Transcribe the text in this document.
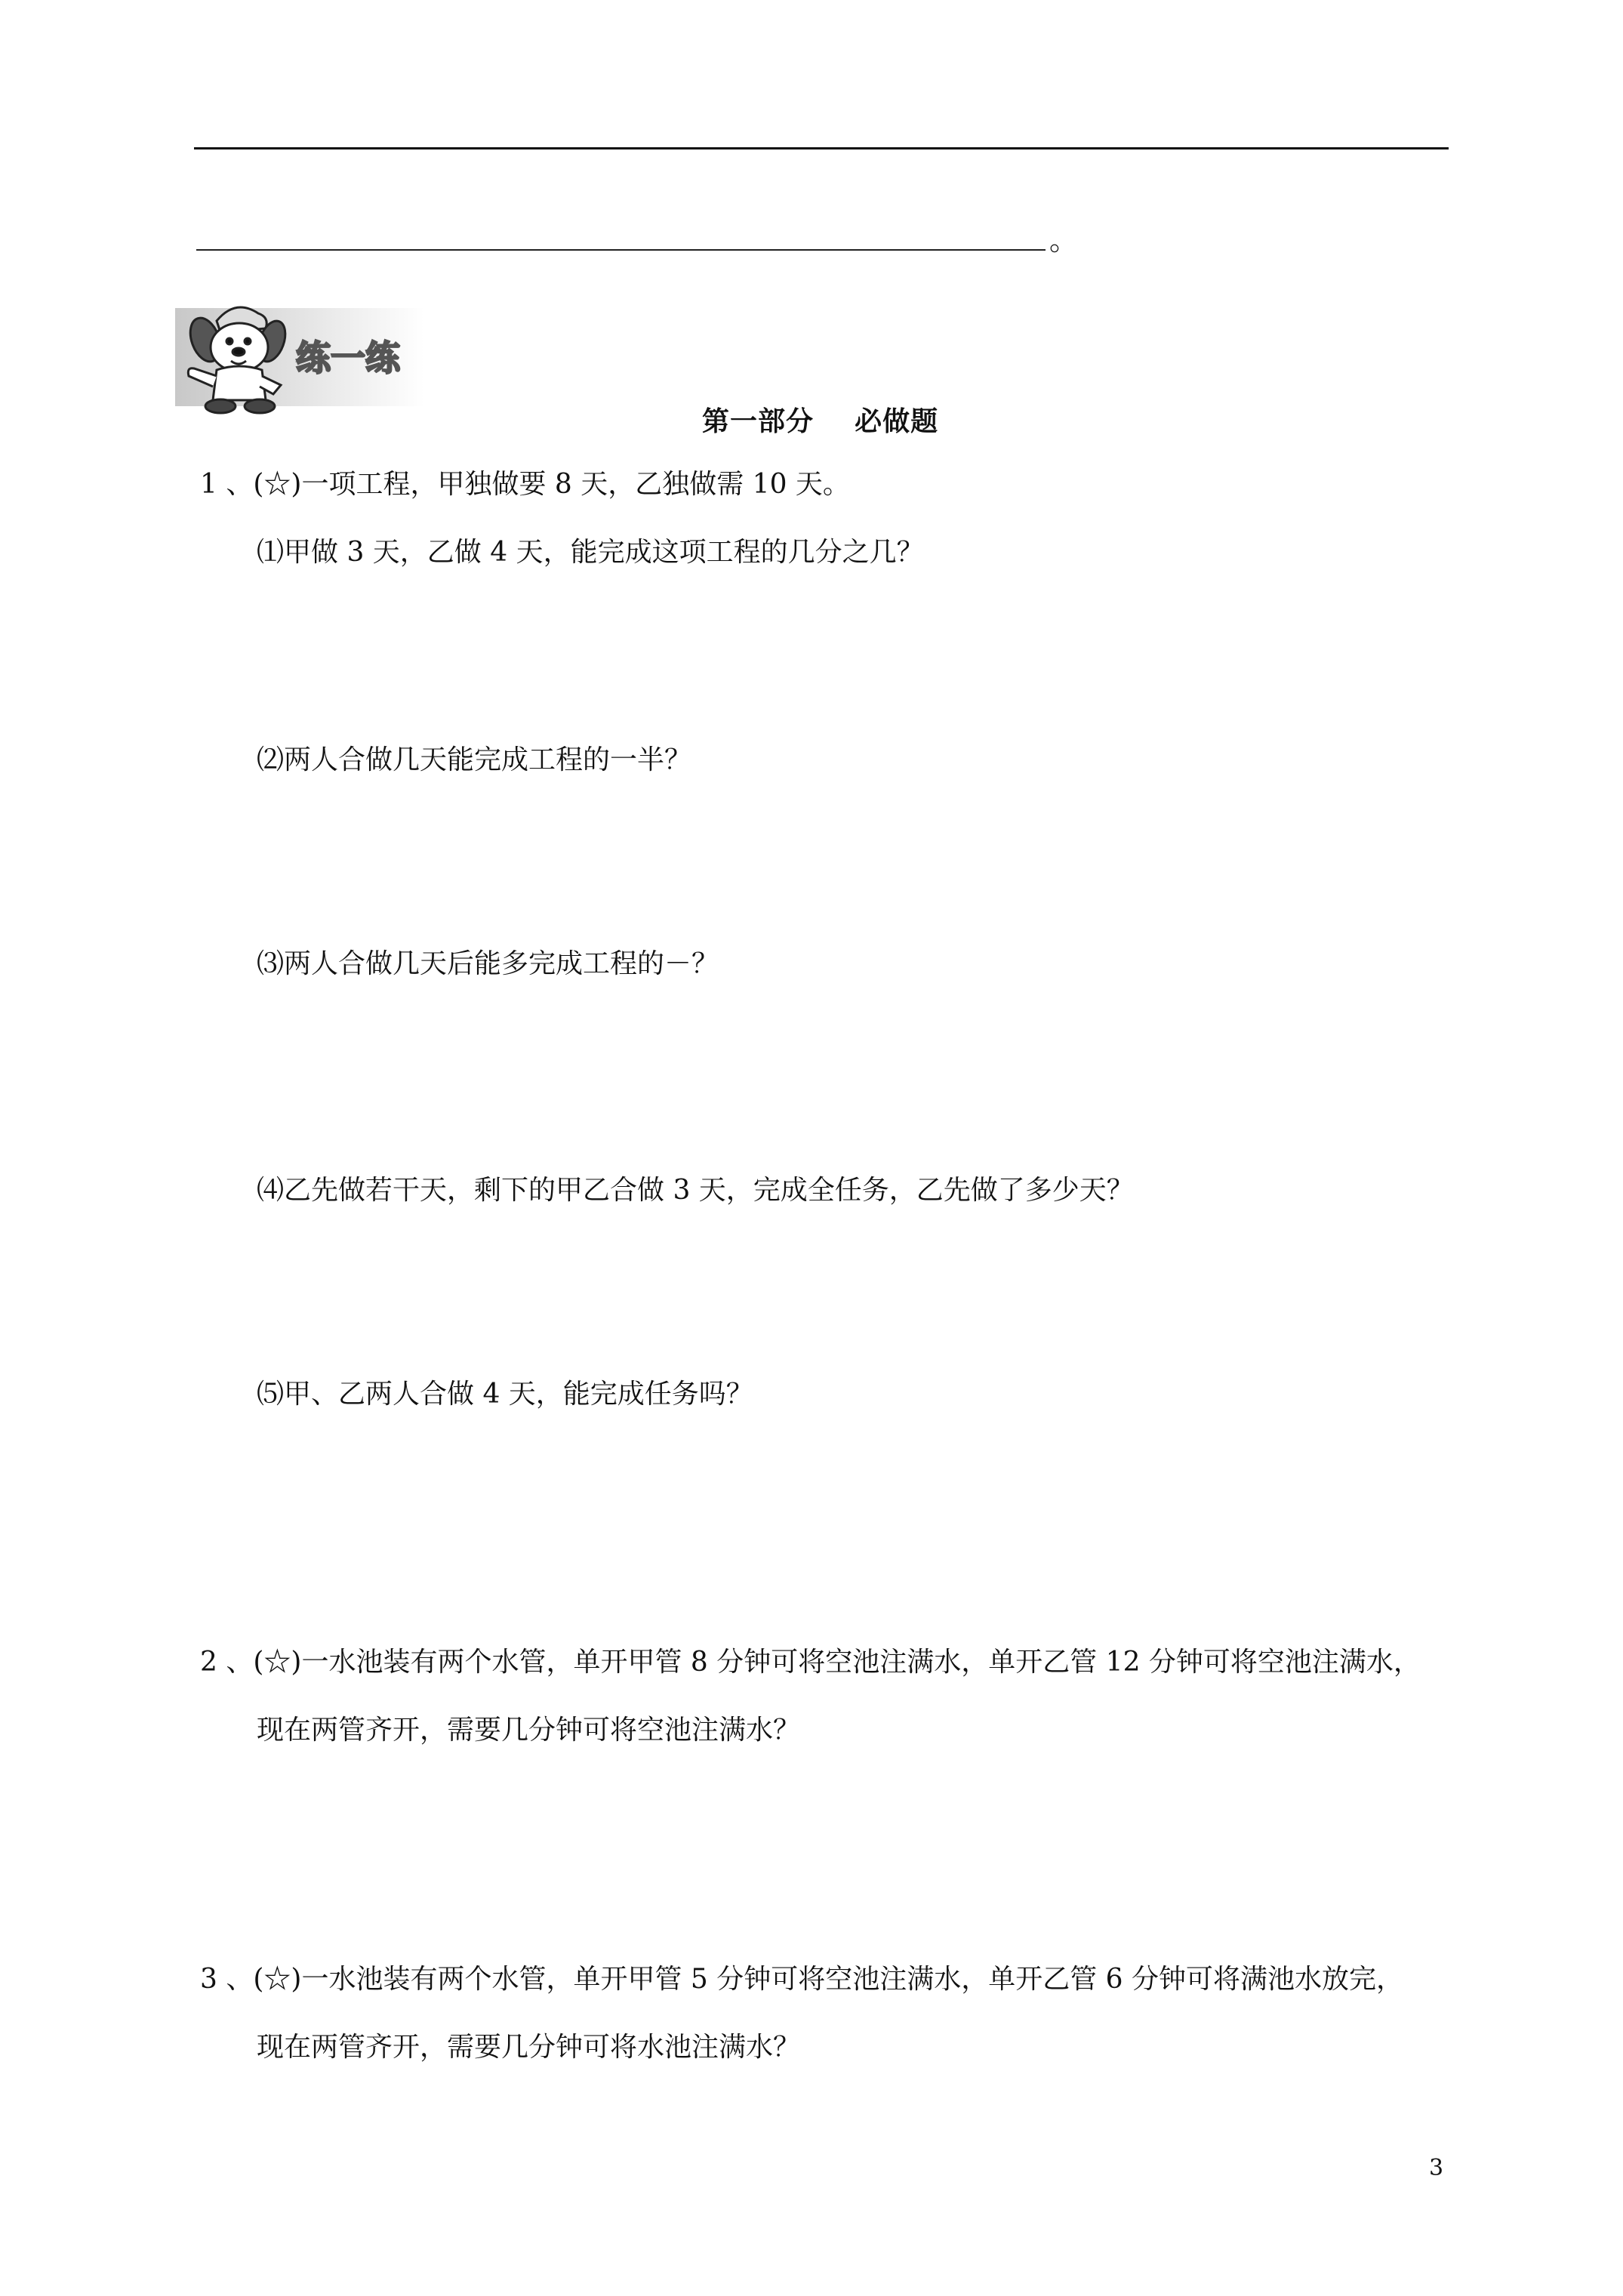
。
练一练
第一部分    必做题
1 、(☆)一项工程，甲独做要 8 天，乙独做需 10 天。
⑴甲做 3 天，乙做 4 天，能完成这项工程的几分之几？
⑵两人合做几天能完成工程的一半？
⑶两人合做几天后能多完成工程的－？
⑷乙先做若干天，剩下的甲乙合做 3 天，完成全任务，乙先做了多少天？
⑸甲、乙两人合做 4 天，能完成任务吗？
2 、(☆)一水池装有两个水管，单开甲管 8 分钟可将空池注满水，单开乙管 12 分钟可将空池注满水，
现在两管齐开，需要几分钟可将空池注满水？
3 、(☆)一水池装有两个水管，单开甲管 5 分钟可将空池注满水，单开乙管 6 分钟可将满池水放完，
现在两管齐开，需要几分钟可将水池注满水？
3
